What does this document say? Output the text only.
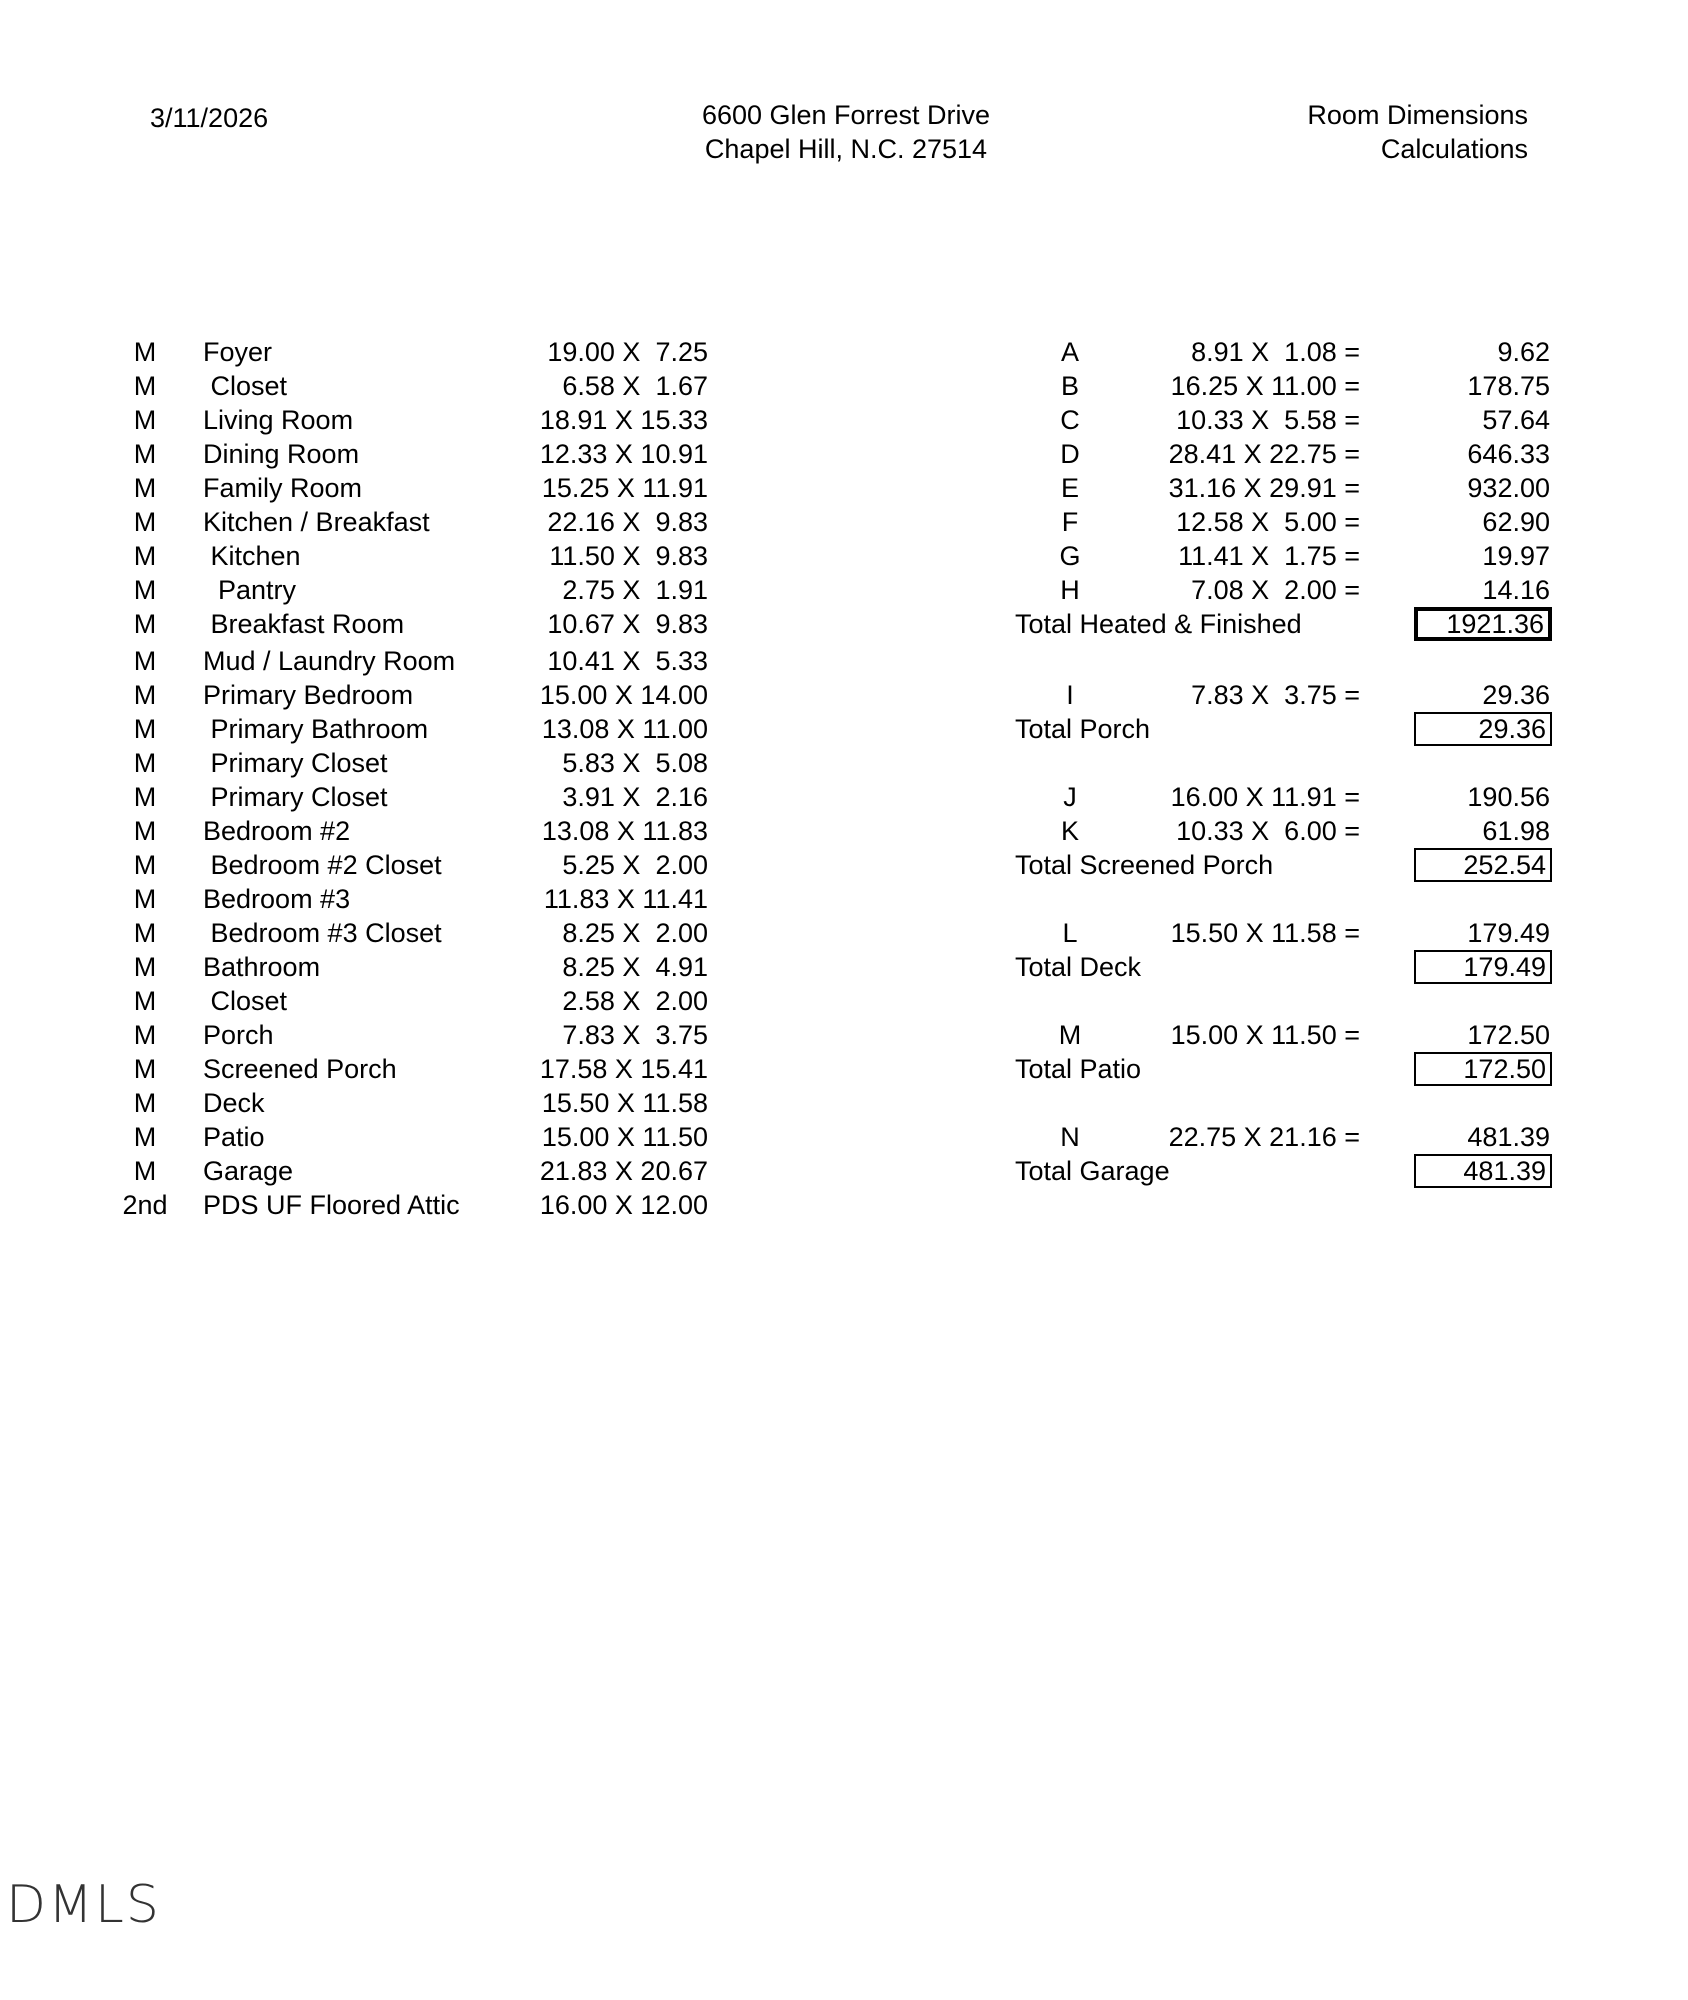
3/11/2026	6600 Glen Forrest Drive
Chapel Hill, N.C. 27514
Room Dimensions
Calculations
M	Foyer	19.00 X  7.25
M	Closet	6.58 X  1.67
M	Living Room	18.91 X 15.33
M	Dining Room	12.33 X 10.91
M	Family Room	15.25 X 11.91
M	Kitchen / Breakfast	22.16 X  9.83
M	Kitchen	11.50 X  9.83
M	Pantry	2.75 X  1.91
M	Breakfast Room	10.67 X  9.83
M	Mud / Laundry Room	10.41 X  5.33
M	Primary Bedroom	15.00 X 14.00
M	Primary Bathroom	13.08 X 11.00
M	Primary Closet	5.83 X  5.08
M	Primary Closet	3.91 X  2.16
M	Bedroom #2	13.08 X 11.83
M	Bedroom #2 Closet	5.25 X  2.00
M	Bedroom #3	11.83 X 11.41
M	Bedroom #3 Closet	8.25 X  2.00
M	Bathroom	8.25 X  4.91
M	Closet	2.58 X  2.00
M	Porch	7.83 X  3.75
M	Screened Porch	17.58 X 15.41
M	Deck	15.50 X 11.58
M	Patio	15.00 X 11.50
M	Garage	21.83 X 20.67
2nd	PDS UF Floored Attic	16.00 X 12.00
A	8.91 X  1.08 =	9.62
B	16.25 X 11.00 =	178.75
C	10.33 X  5.58 =	57.64
D	28.41 X 22.75 =	646.33
E	31.16 X 29.91 =	932.00
F	12.58 X  5.00 =	62.90
G	11.41 X  1.75 =	19.97
H	7.08 X  2.00 =	14.16
I	7.83 X  3.75 =	29.36
J	16.00 X 11.91 =	190.56
K	10.33 X  6.00 =	61.98
L	15.50 X 11.58 =	179.49
M	15.00 X 11.50 =	172.50
N	22.75 X 21.16 =	481.39
Total Heated & Finished	1921.36
Total Porch	29.36
Total Screened Porch	252.54
Total Deck	179.49
Total Patio	172.50
Total Garage	481.39
DMLS
